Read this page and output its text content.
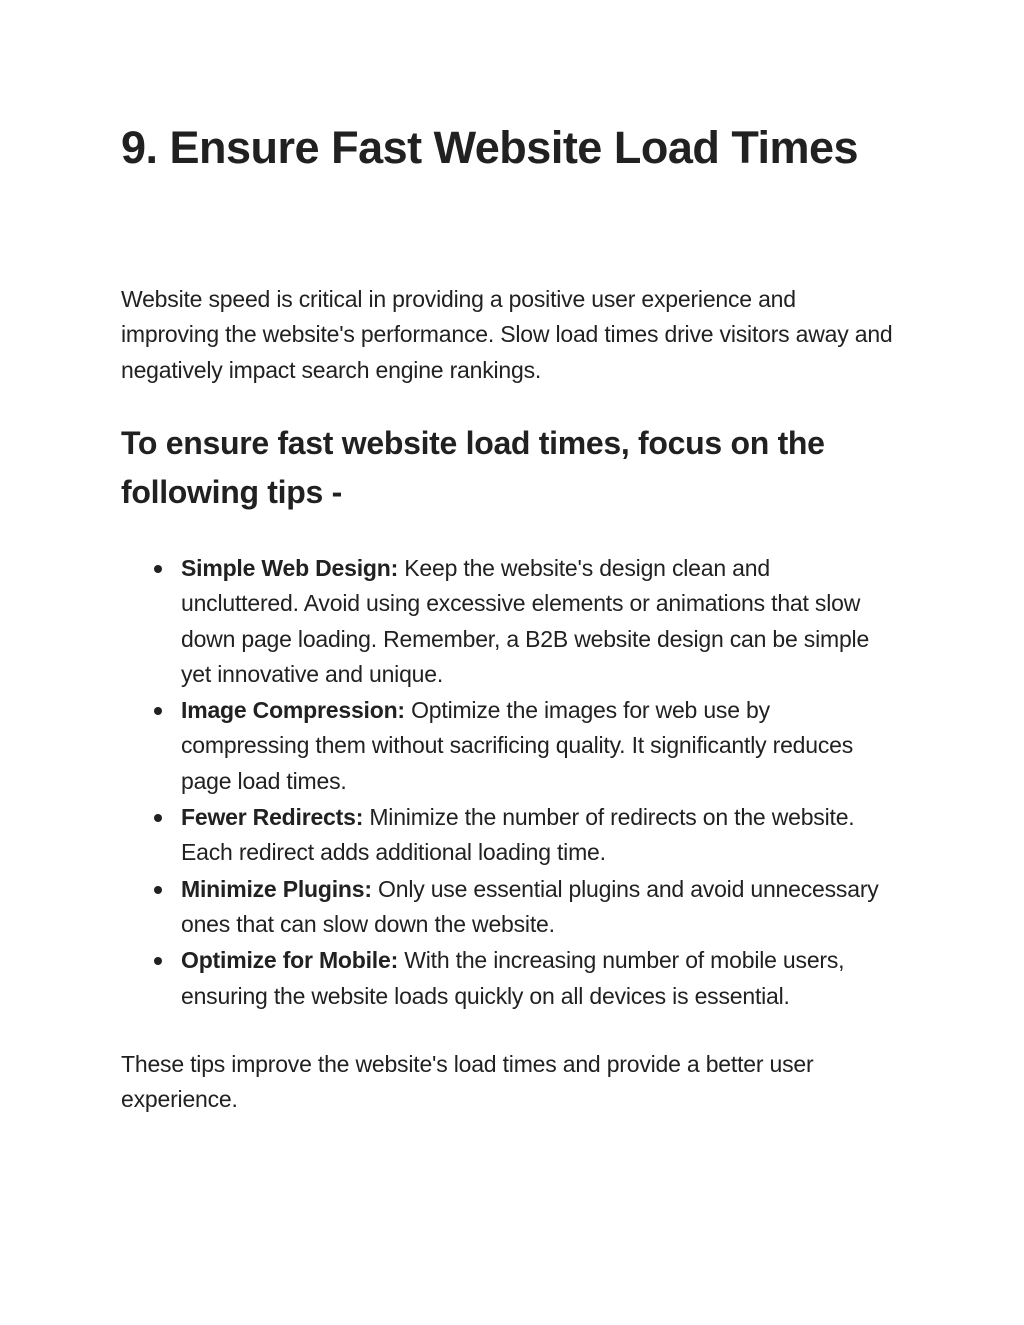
9. Ensure Fast Website Load Times

Website speed is critical in providing a positive user experience and improving the website's performance. Slow load times drive visitors away and negatively impact search engine rankings.

To ensure fast website load times, focus on the following tips -
Simple Web Design: Keep the website's design clean and uncluttered. Avoid using excessive elements or animations that slow down page loading. Remember, a B2B website design can be simple yet innovative and unique.
Image Compression: Optimize the images for web use by compressing them without sacrificing quality. It significantly reduces page load times.
Fewer Redirects: Minimize the number of redirects on the website. Each redirect adds additional loading time.
Minimize Plugins: Only use essential plugins and avoid unnecessary ones that can slow down the website.
Optimize for Mobile: With the increasing number of mobile users, ensuring the website loads quickly on all devices is essential.

These tips improve the website's load times and provide a better user experience.
